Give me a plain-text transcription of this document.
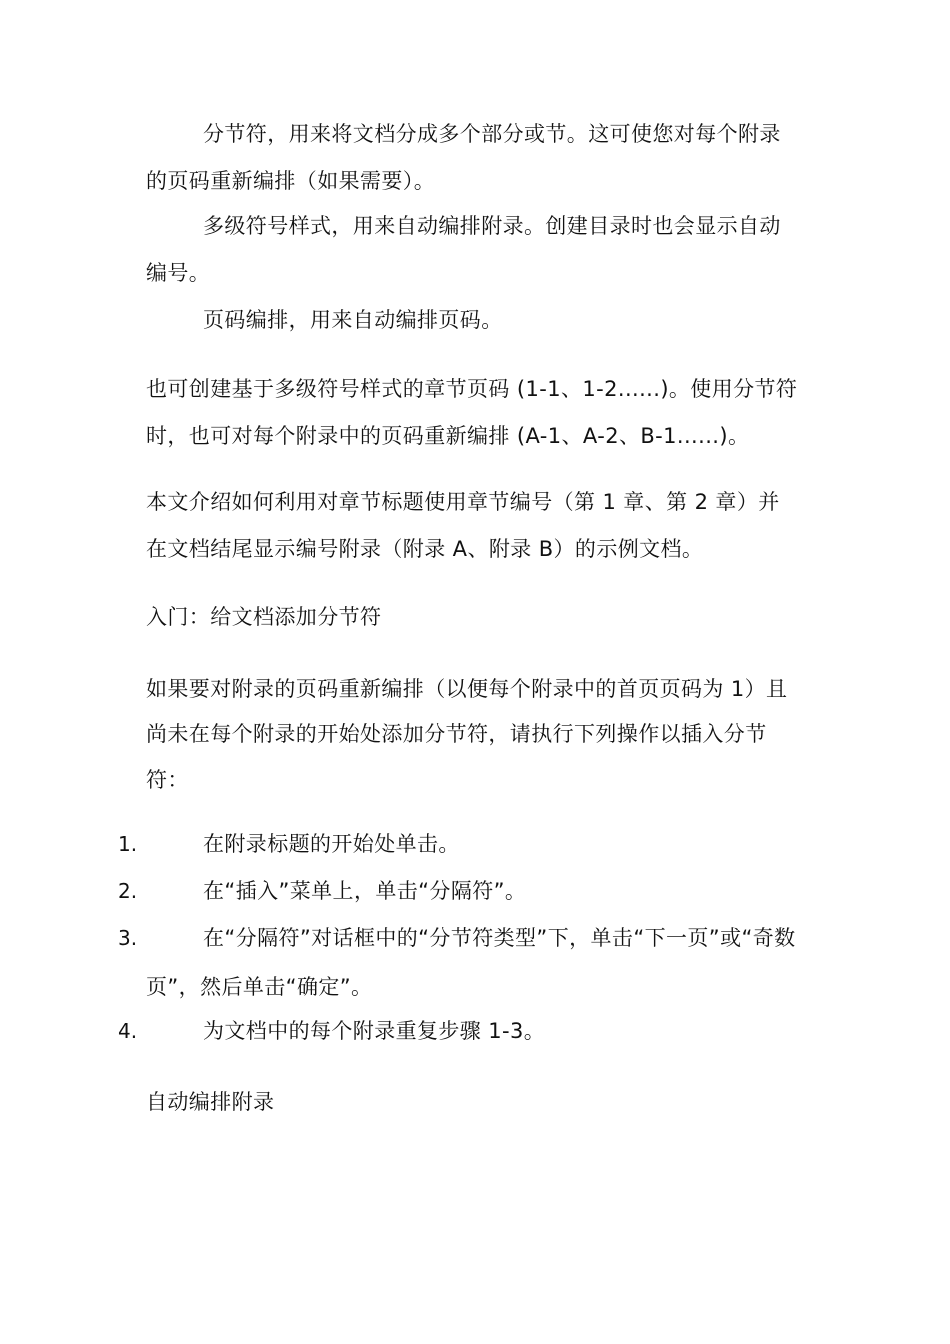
分节符，用来将文档分成多个部分或节。这可使您对每个附录
的页码重新编排（如果需要）。
多级符号样式，用来自动编排附录。创建目录时也会显示自动
编号。
页码编排，用来自动编排页码。
也可创建基于多级符号样式的章节页码 (1-1、1-2......)。使用分节符
时，也可对每个附录中的页码重新编排 (A-1、A-2、B-1......)。
本文介绍如何利用对章节标题使用章节编号（第 1 章、第 2 章）并
在文档结尾显示编号附录（附录 A、附录 B）的示例文档。
入门：给文档添加分节符
如果要对附录的页码重新编排（以便每个附录中的首页页码为 1）且
尚未在每个附录的开始处添加分节符，请执行下列操作以插入分节
符：
1.	在附录标题的开始处单击。
2.	在“插入”菜单上，单击“分隔符”。
3.	在“分隔符”对话框中的“分节符类型”下，单击“下一页”或“奇数
页”，然后单击“确定”。
4.	为文档中的每个附录重复步骤 1-3。
自动编排附录
